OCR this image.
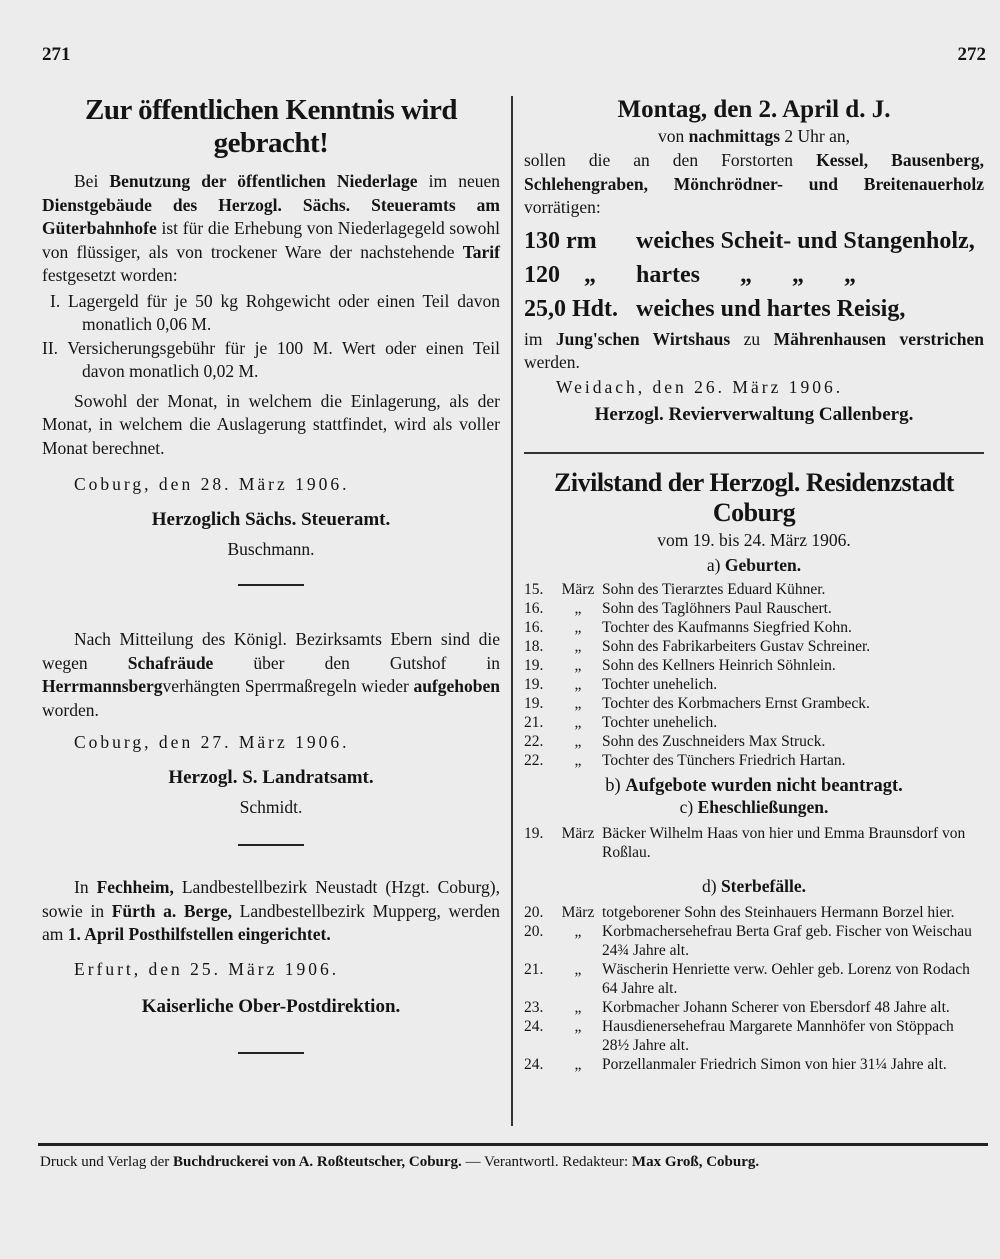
271	272
Zur öffentlichen Kenntnis wird gebracht!

Bei Benutzung der öffentlichen Niederlage im neuen Dienstgebäude des Herzogl. Sächs. Steueramts am Güterbahnhofe ist für die Erhebung von Niederlagegeld sowohl von flüssiger, als von trockener Ware der nachstehende Tarif festgesetzt worden:

I. Lagergeld für je 50 kg Rohgewicht oder einen Teil davon monatlich 0,06 M.

II. Versicherungsgebühr für je 100 M. Wert oder einen Teil davon monatlich 0,02 M.

Sowohl der Monat, in welchem die Einlagerung, als der Monat, in welchem die Auslagerung stattfindet, wird als voller Monat berechnet.

Coburg, den 28. März 1906.

Herzoglich Sächs. Steueramt.

Buschmann.

Nach Mitteilung des Königl. Bezirksamts Ebern sind die wegen Schafräude über den Gutshof in Herrmannsbergverhängten Sperrmaßregeln wieder aufgehoben worden.

Coburg, den 27. März 1906.

Herzogl. S. Landratsamt.

Schmidt.

In Fechheim, Landbestellbezirk Neustadt (Hzgt. Coburg), sowie in Fürth a. Berge, Landbestellbezirk Mupperg, werden am 1. April Posthilfstellen eingerichtet.

Erfurt, den 25. März 1906.

Kaiserliche Ober-Postdirektion.

Montag, den 2. April d. J.

von nachmittags 2 Uhr an,

sollen die an den Forstorten Kessel, Bausenberg, Schlehengraben, Mönchrödner- und Breitenauerholz vorrätigen:

130 rm weiches Scheit- und Stangenholz,
120 „ hartes „ „ „
25,0 Hdt. weiches und hartes Reisig,

im Jung'schen Wirtshaus zu Mährenhausen verstrichen werden.

Weidach, den 26. März 1906.

Herzogl. Revierverwaltung Callenberg.

Zivilstand der Herzogl. Residenzstadt Coburg

vom 19. bis 24. März 1906.

a) Geburten.

15.	März	Sohn des Tierarztes Eduard Kühner.
16.	„	Sohn des Taglöhners Paul Rauschert.
16.	„	Tochter des Kaufmanns Siegfried Kohn.
18.	„	Sohn des Fabrikarbeiters Gustav Schreiner.
19.	„	Sohn des Kellners Heinrich Söhnlein.
19.	„	Tochter unehelich.
19.	„	Tochter des Korbmachers Ernst Grambeck.
21.	„	Tochter unehelich.
22.	„	Sohn des Zuschneiders Max Struck.
22.	„	Tochter des Tünchers Friedrich Hartan.

b) Aufgebote wurden nicht beantragt.

c) Eheschließungen.

19.	März	Bäcker Wilhelm Haas von hier und Emma Braunsdorf von Roßlau.

d) Sterbefälle.

20.	März	totgeborener Sohn des Steinhauers Hermann Borzel hier.
20.	„	Korbmachersehefrau Berta Graf geb. Fischer von Weischau 24¾ Jahre alt.
21.	„	Wäscherin Henriette verw. Oehler geb. Lorenz von Rodach 64 Jahre alt.
23.	„	Korbmacher Johann Scherer von Ebersdorf 48 Jahre alt.
24.	„	Hausdienersehefrau Margarete Mannhöfer von Stöppach 28½ Jahre alt.
24.	„	Porzellanmaler Friedrich Simon von hier 31¼ Jahre alt.
Druck und Verlag der Buchdruckerei von A. Roßteutscher, Coburg. — Verantwortl. Redakteur: Max Groß, Coburg.
